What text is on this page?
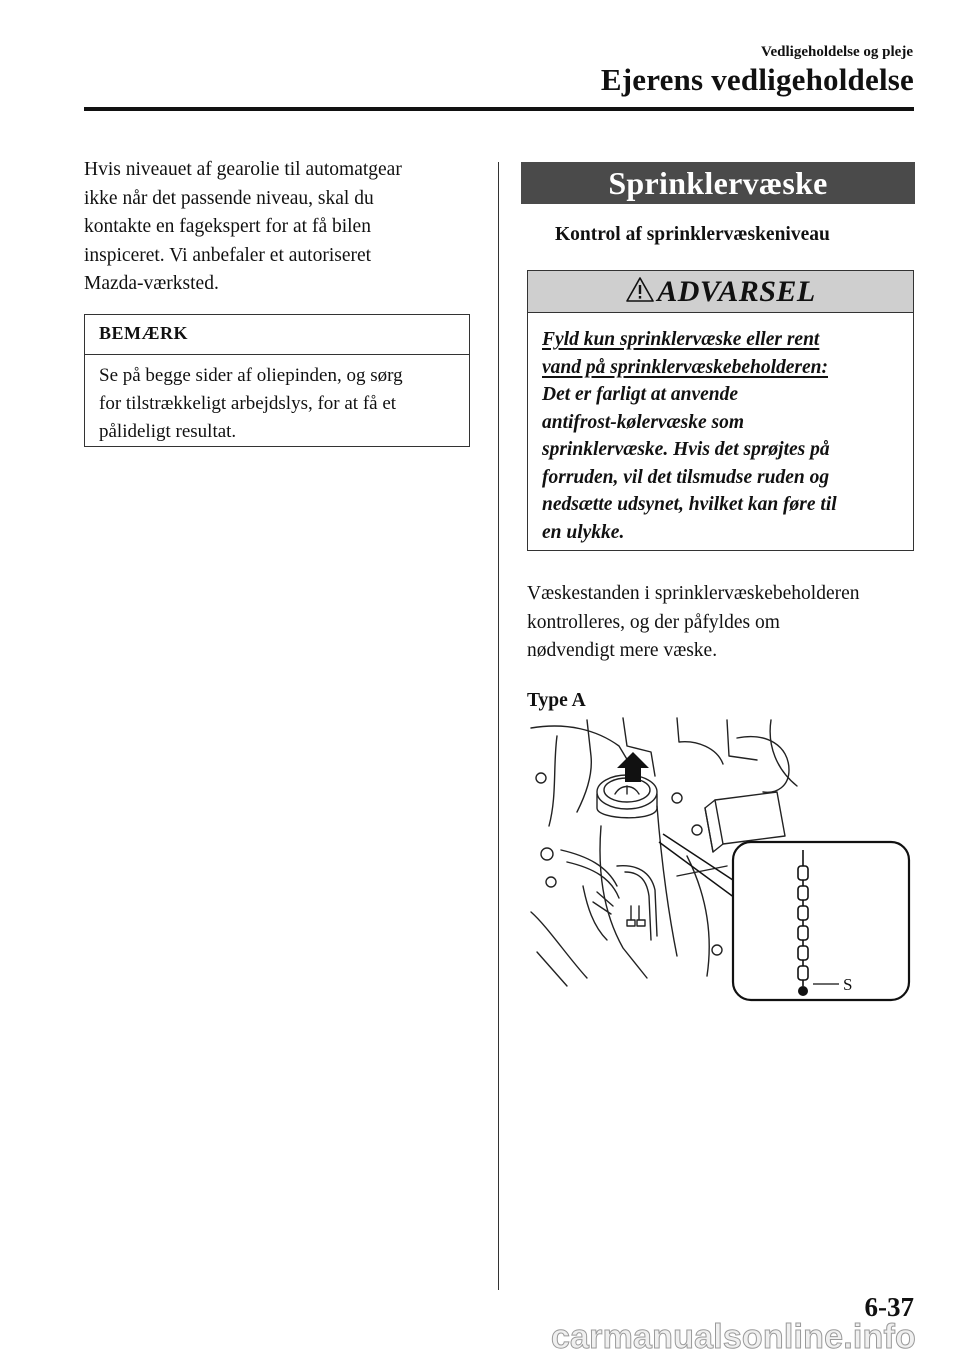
Vedligeholdelse og pleje
Ejerens vedligeholdelse
Hvis niveauet af gearolie til automatgear
ikke når det passende niveau, skal du
kontakte en fagekspert for at få bilen
inspiceret. Vi anbefaler et autoriseret
Mazda-værksted.
BEMÆRK
Se på begge sider af oliepinden, og sørg
for tilstrækkeligt arbejdslys, for at få et
pålideligt resultat.
Sprinklervæske
Kontrol af sprinklervæskeniveau
ADVARSEL
Fyld kun sprinklervæske eller rent
vand på sprinklervæskebeholderen:
Det er farligt at anvende
antifrost-kølervæske som
sprinklervæske. Hvis det sprøjtes på
forruden, vil det tilsmudse ruden og
nedsætte udsynet, hvilket kan føre til
en ulykke.
Væskestanden i sprinklervæskebeholderen
kontrolleres, og der påfyldes om
nødvendigt mere væske.
Type A
S
6-37
carmanualsonline.info
